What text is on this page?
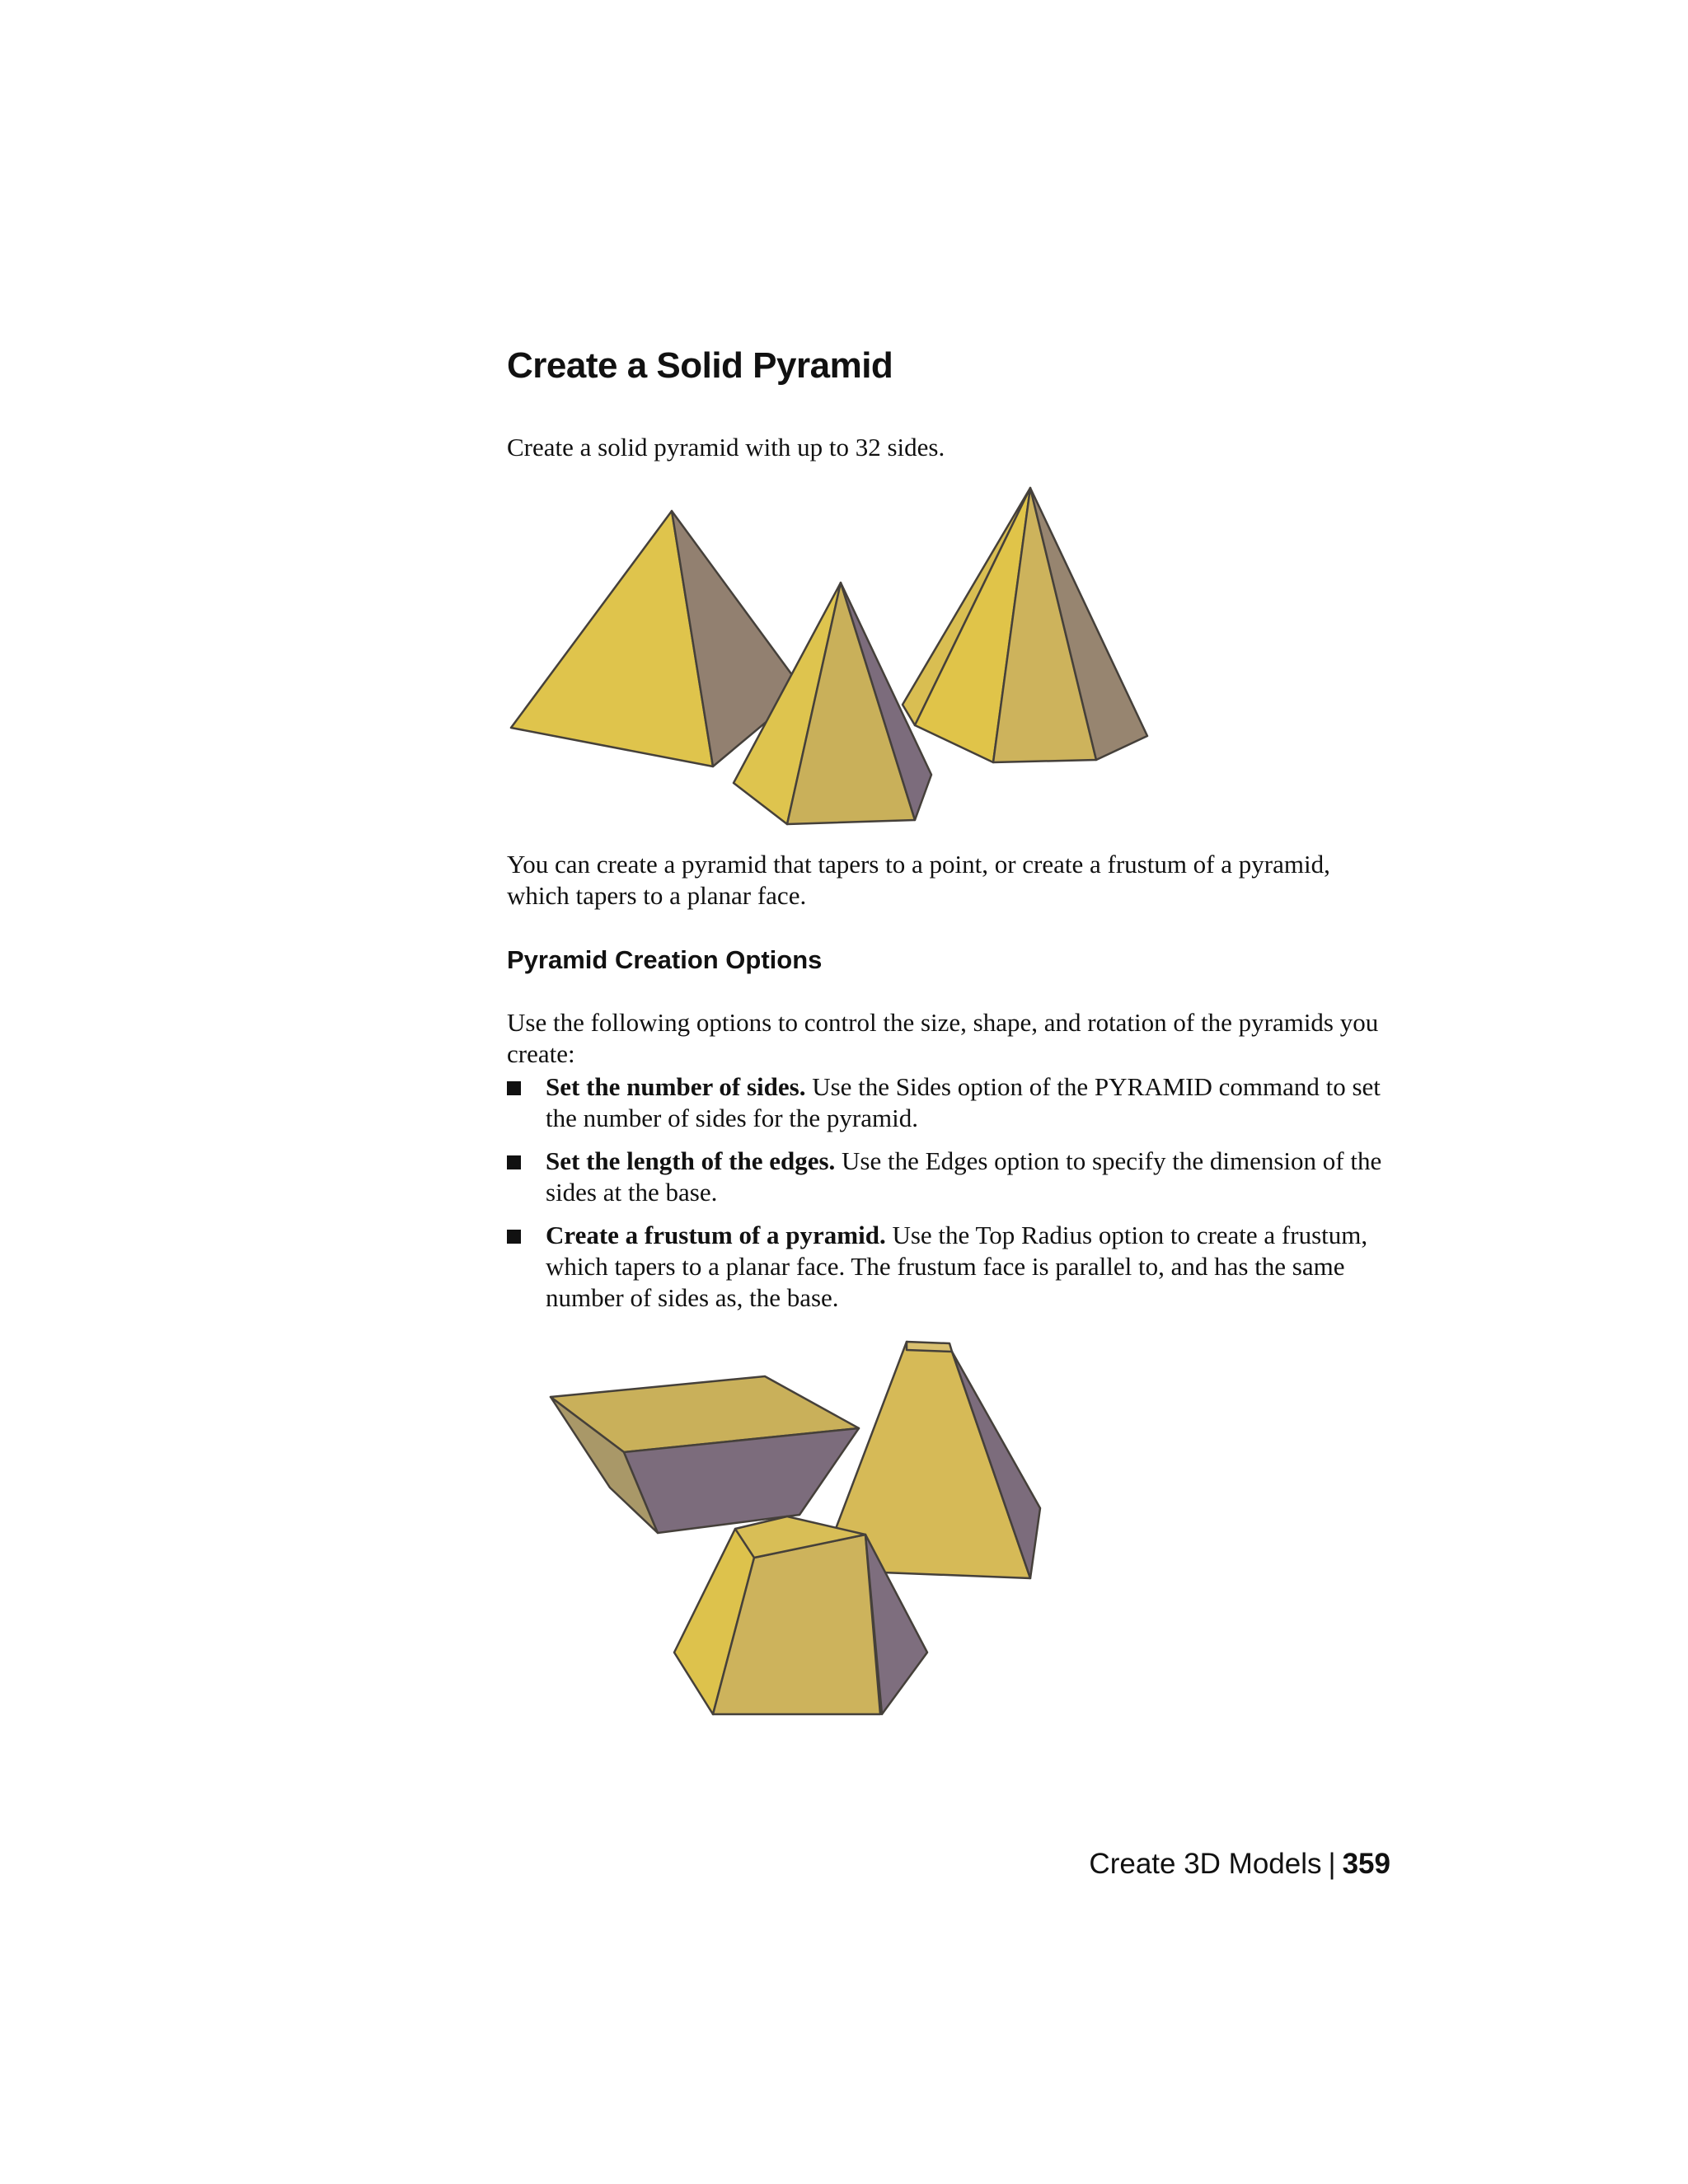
Create a Solid Pyramid

Create a solid pyramid with up to 32 sides.

You can create a pyramid that tapers to a point, or create a frustum of a pyramid, which tapers to a planar face.

Pyramid Creation Options

Use the following options to control the size, shape, and rotation of the pyramids you create:

Set the number of sides. Use the Sides option of the PYRAMID command to set the number of sides for the pyramid.
Set the length of the edges. Use the Edges option to specify the dimension of the sides at the base.
Create a frustum of a pyramid. Use the Top Radius option to create a frustum, which tapers to a planar face. The frustum face is parallel to, and has the same number of sides as, the base.
Create 3D Models | 359
